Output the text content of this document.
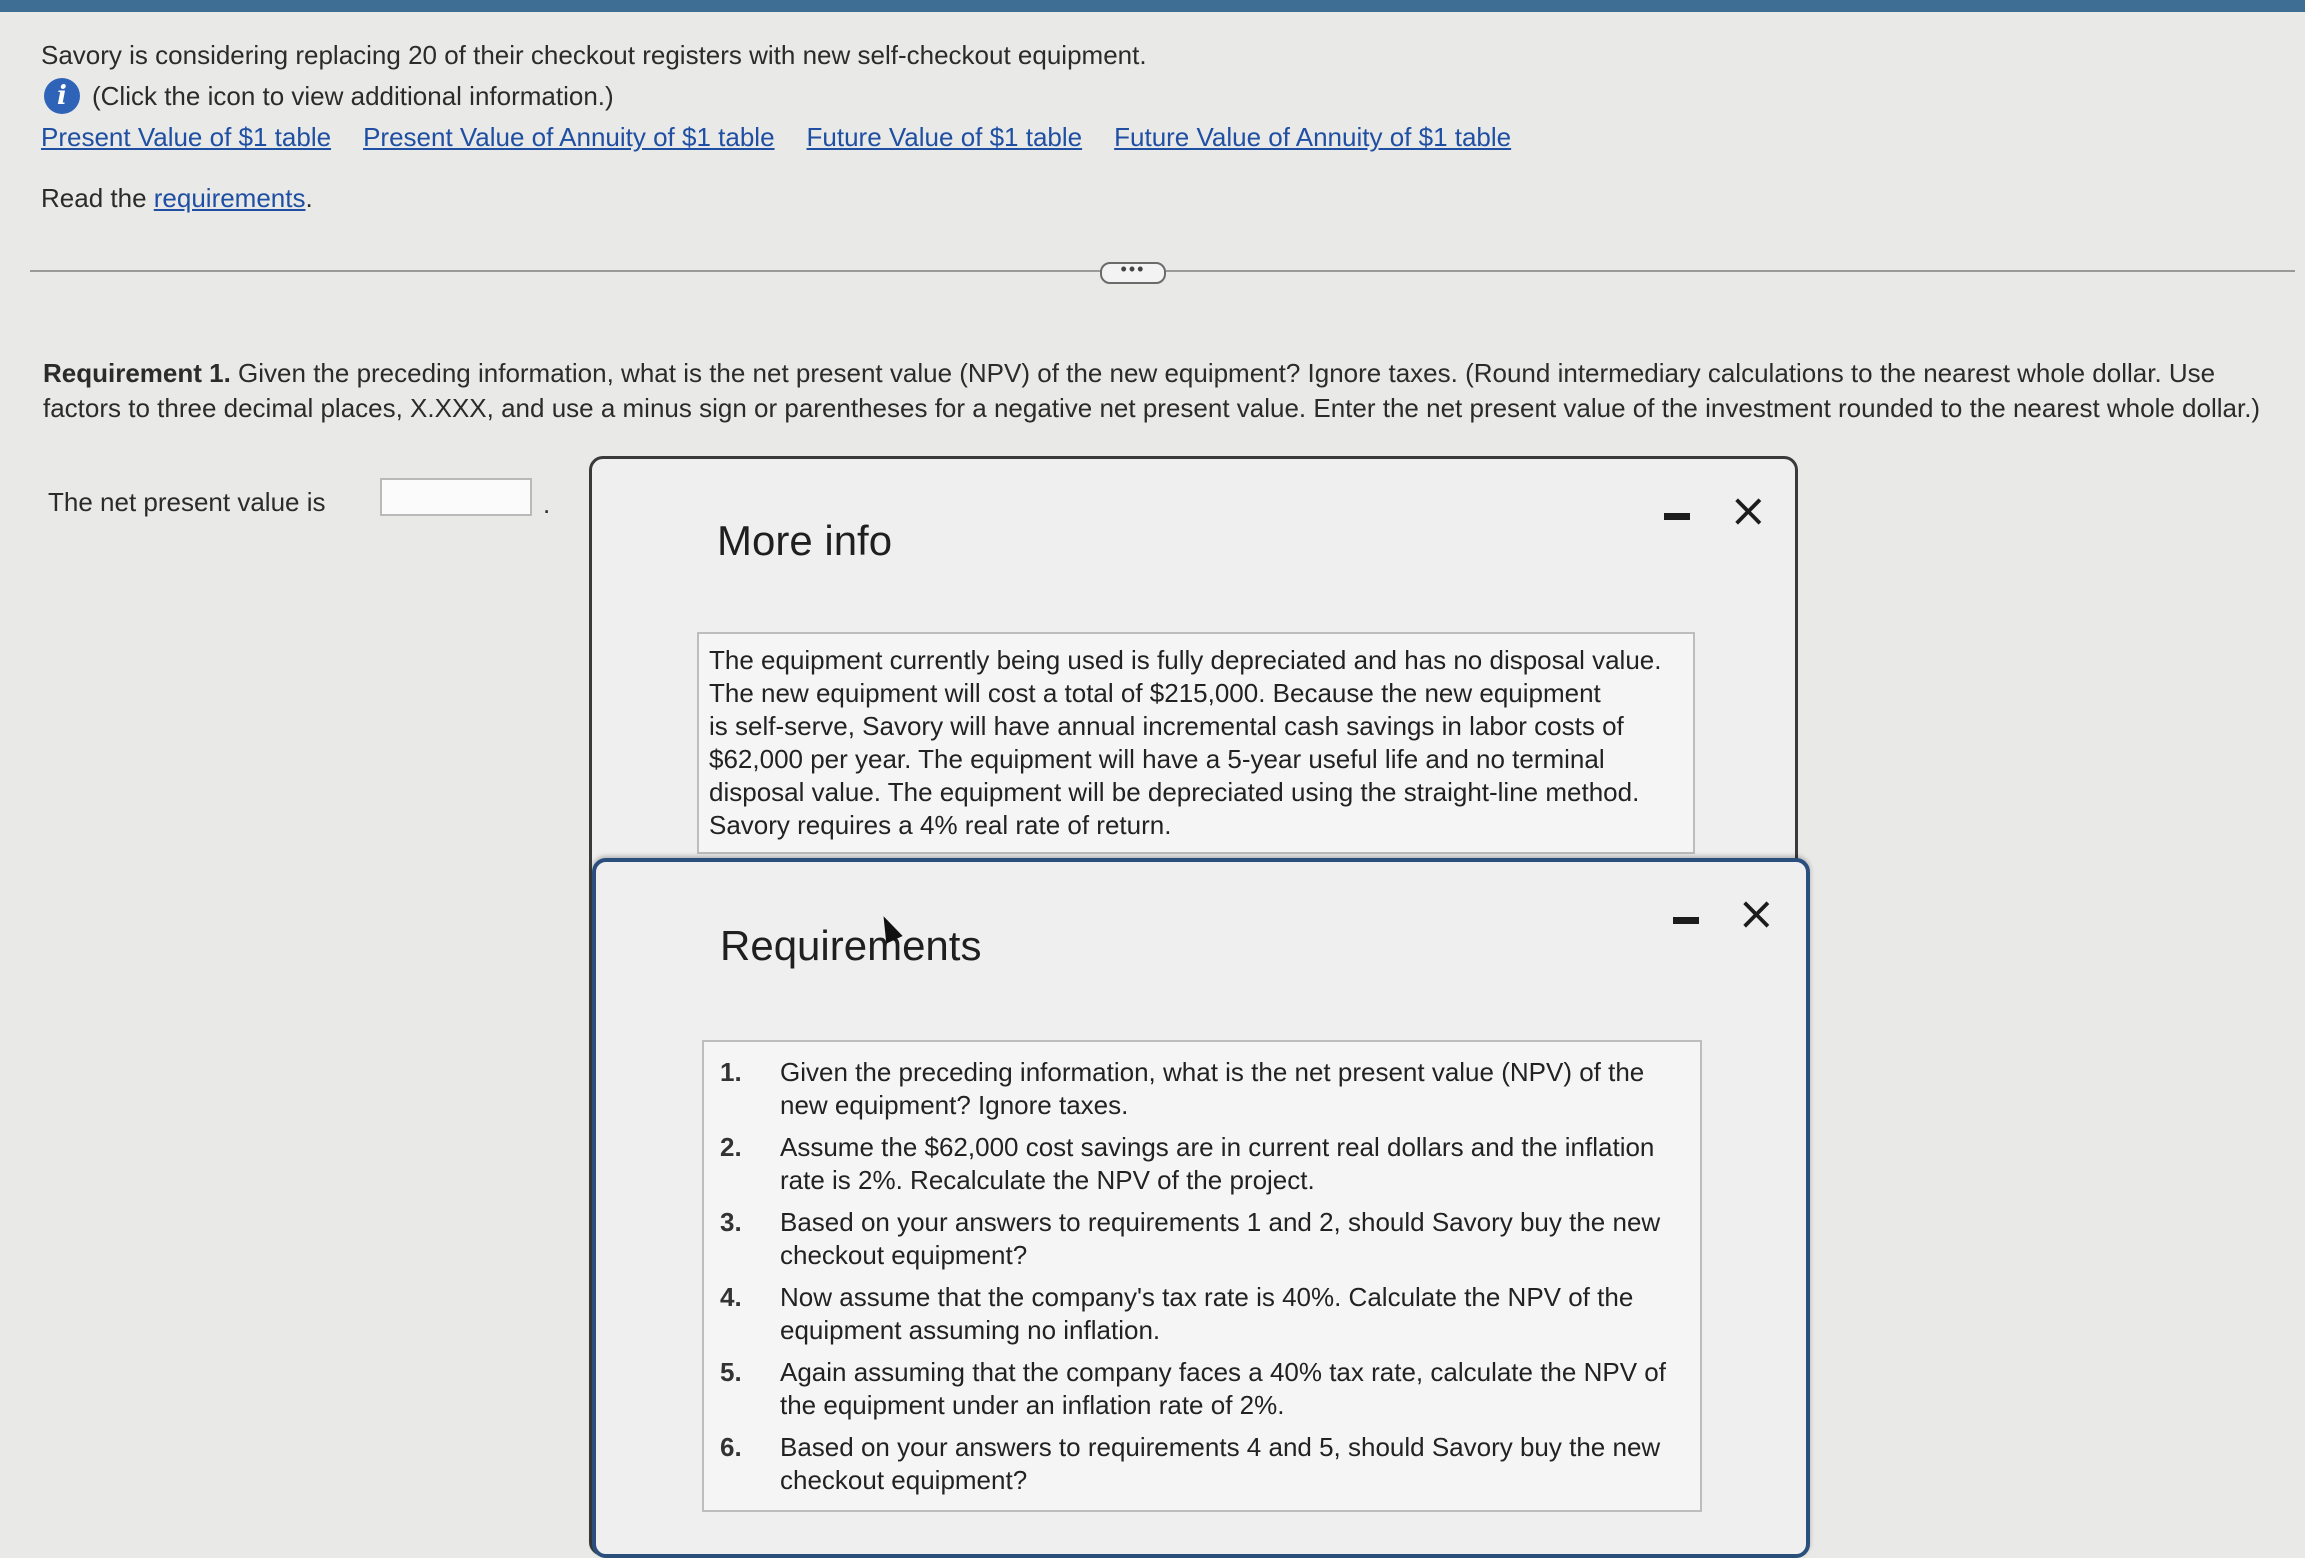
Savory is considering replacing 20 of their checkout registers with new self-checkout equipment.
i (Click the icon to view additional information.)
Present Value of $1 table Present Value of Annuity of $1 table Future Value of $1 table Future Value of Annuity of $1 table
Read the requirements.
•••
Requirement 1. Given the preceding information, what is the net present value (NPV) of the new equipment? Ignore taxes. (Round intermediary calculations to the nearest whole dollar. Use factors to three decimal places, X.XXX, and use a minus sign or parentheses for a negative net present value. Enter the net present value of the investment rounded to the nearest whole dollar.)
The net present value is	.
More info
×
The equipment currently being used is fully depreciated and has no disposal value.
The new equipment will cost a total of $215,000. Because the new equipment
is self-serve, Savory will have annual incremental cash savings in labor costs of
$62,000 per year. The equipment will have a 5-year useful life and no terminal
disposal value. The equipment will be depreciated using the straight-line method.
Savory requires a 4% real rate of return.
Requirements
×
1.	Given the preceding information, what is the net present value (NPV) of the new equipment? Ignore taxes.
2.	Assume the $62,000 cost savings are in current real dollars and the inflation rate is 2%. Recalculate the NPV of the project.
3.	Based on your answers to requirements 1 and 2, should Savory buy the new checkout equipment?
4.	Now assume that the company's tax rate is 40%. Calculate the NPV of the equipment assuming no inflation.
5.	Again assuming that the company faces a 40% tax rate, calculate the NPV of the equipment under an inflation rate of 2%.
6.	Based on your answers to requirements 4 and 5, should Savory buy the new checkout equipment?
